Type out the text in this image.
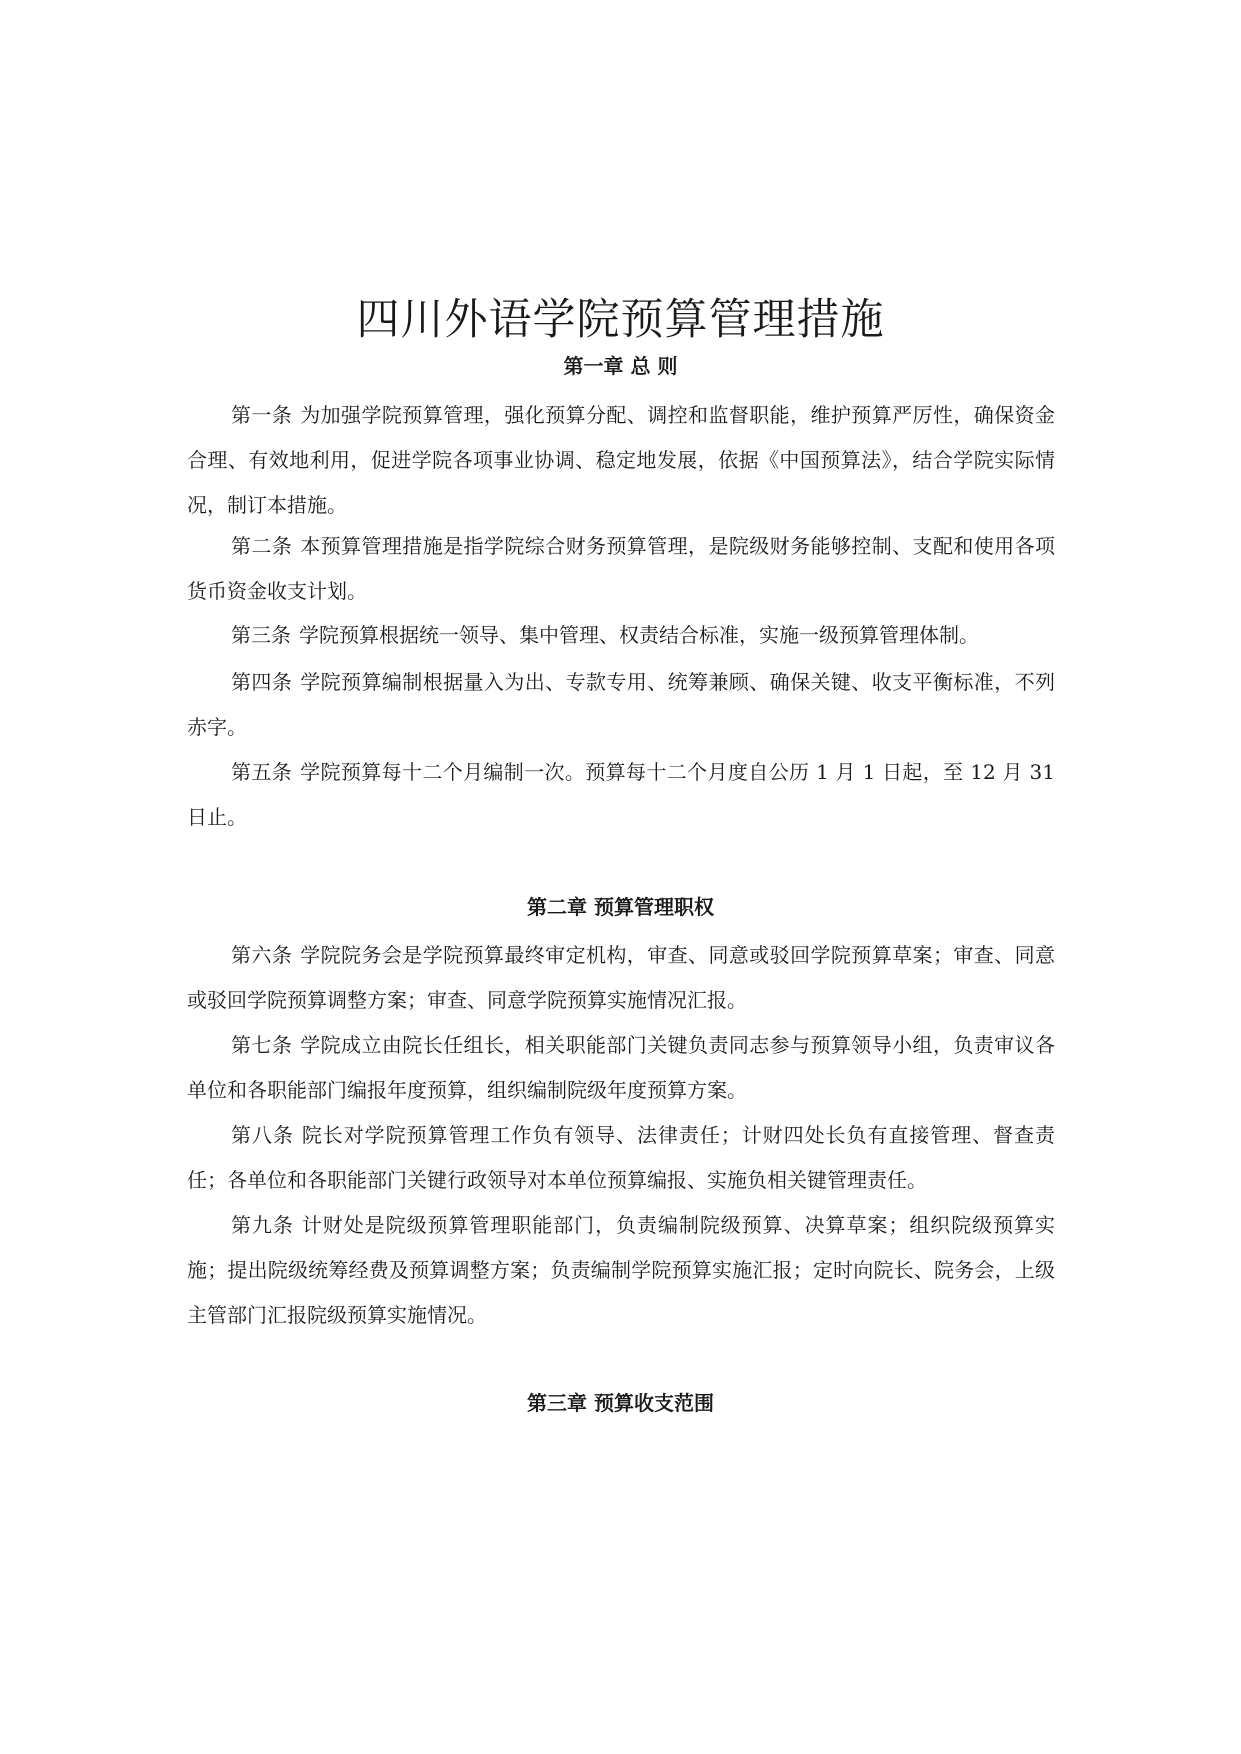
四川外语学院预算管理措施
第一章 总 则

第一条 为加强学院预算管理，强化预算分配、调控和监督职能，维护预算严厉性，确保资金合理、有效地利用，促进学院各项事业协调、稳定地发展，依据《中国预算法》，结合学院实际情况，制订本措施。

第二条 本预算管理措施是指学院综合财务预算管理，是院级财务能够控制、支配和使用各项货币资金收支计划。

第三条 学院预算根据统一领导、集中管理、权责结合标准，实施一级预算管理体制。

第四条 学院预算编制根据量入为出、专款专用、统筹兼顾、确保关键、收支平衡标准，不列赤字。

第五条 学院预算每十二个月编制一次。预算每十二个月度自公历 1 月 1 日起，至 12 月 31 日止。

第二章 预算管理职权

第六条 学院院务会是学院预算最终审定机构，审查、同意或驳回学院预算草案；审查、同意或驳回学院预算调整方案；审查、同意学院预算实施情况汇报。

第七条 学院成立由院长任组长，相关职能部门关键负责同志参与预算领导小组，负责审议各单位和各职能部门编报年度预算，组织编制院级年度预算方案。

第八条 院长对学院预算管理工作负有领导、法律责任；计财四处长负有直接管理、督查责任；各单位和各职能部门关键行政领导对本单位预算编报、实施负相关键管理责任。

第九条 计财处是院级预算管理职能部门，负责编制院级预算、决算草案；组织院级预算实施；提出院级统筹经费及预算调整方案；负责编制学院预算实施汇报；定时向院长、院务会，上级主管部门汇报院级预算实施情况。

第三章 预算收支范围
